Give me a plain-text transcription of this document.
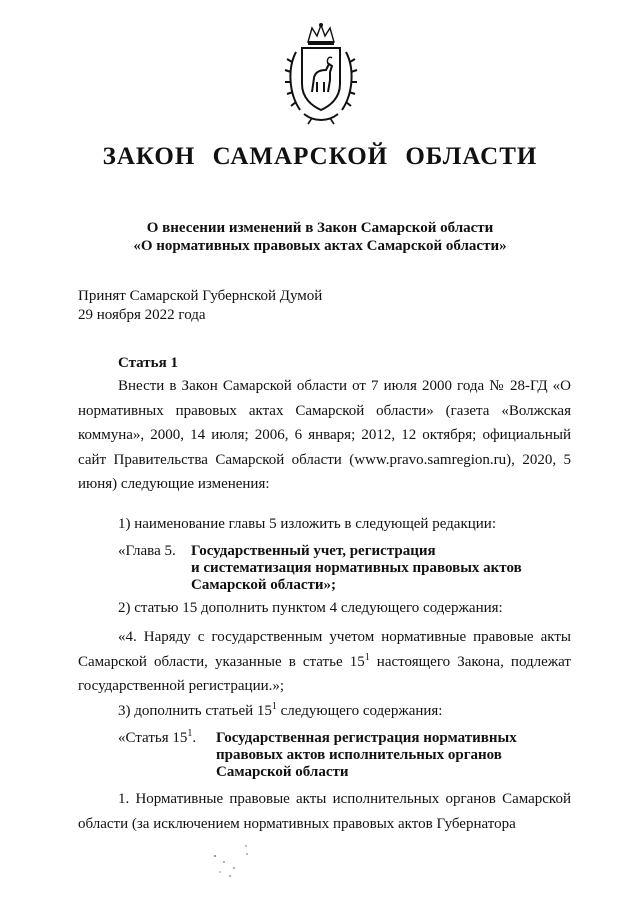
ЗАКОН САМАРСКОЙ ОБЛАСТИ
О внесении изменений в Закон Самарской области
«О нормативных правовых актах Самарской области»
Принят Самарской Губернской Думой
29 ноября 2022 года
Статья 1
Внести в Закон Самарской области от 7 июля 2000 года № 28-ГД «О нормативных правовых актах Самарской области» (газета «Волжская коммуна», 2000, 14 июля; 2006, 6 января; 2012, 12 октября; официальный сайт Правительства Самарской области (www.pravo.samregion.ru), 2020, 5 июня) следующие изменения:
1) наименование главы 5 изложить в следующей редакции:
«Глава 5. Государственный учет, регистрация
и систематизация нормативных правовых актов
Самарской области»;
2) статью 15 дополнить пунктом 4 следующего содержания:
«4. Наряду с государственным учетом нормативные правовые акты Самарской области, указанные в статье $15^1$ настоящего Закона, подлежат государственной регистрации.»;
3) дополнить статьей $15^1$ следующего содержания:
«Статья $15^1$. Государственная регистрация нормативных
правовых актов исполнительных органов
Самарской области
1. Нормативные правовые акты исполнительных органов Самарской области (за исключением нормативных правовых актов Губернатора
